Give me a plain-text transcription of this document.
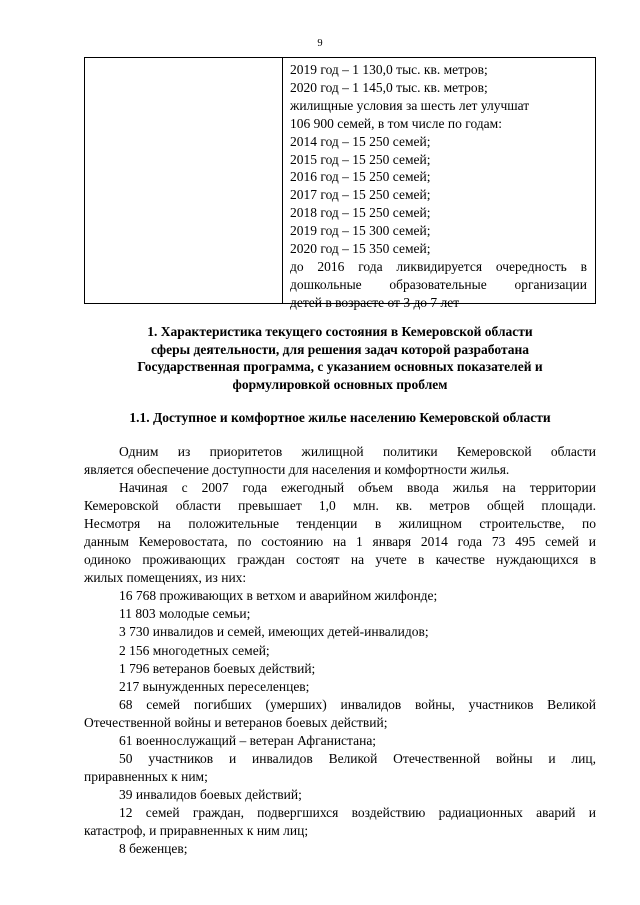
9
2019 год – 1 130,0 тыс. кв. метров;
2020 год – 1 145,0 тыс. кв. метров;
жилищные условия за шесть лет улучшат
106 900 семей, в том числе по годам:
2014 год – 15 250 семей;
2015 год – 15 250 семей;
2016 год – 15 250 семей;
2017 год – 15 250 семей;
2018 год – 15 250 семей;
2019 год – 15 300 семей;
2020 год – 15 350 семей;
до 2016 года ликвидируется очередность в
дошкольные образовательные организации
детей в возрасте от 3 до 7 лет
1. Характеристика текущего состояния в Кемеровской области
сферы деятельности, для решения задач которой разработана
Государственная программа, с указанием основных показателей и
формулировкой основных проблем
1.1. Доступное и комфортное жилье населению Кемеровской области
Одним из приоритетов жилищной политики Кемеровской области
является обеспечение доступности для населения и комфортности жилья.
Начиная с 2007 года ежегодный объем ввода жилья на территории
Кемеровской области превышает 1,0 млн. кв. метров общей площади.
Несмотря на положительные тенденции в жилищном строительстве, по
данным Кемеровостата, по состоянию на 1 января 2014 года 73 495 семей и
одиноко проживающих граждан состоят на учете в качестве нуждающихся в
жилых помещениях, из них:
16 768 проживающих в ветхом и аварийном жилфонде;
11 803 молодые семьи;
3 730 инвалидов и семей, имеющих детей-инвалидов;
2 156 многодетных семей;
1 796 ветеранов боевых действий;
217 вынужденных переселенцев;
68 семей погибших (умерших) инвалидов войны, участников Великой
Отечественной войны и ветеранов боевых действий;
61 военнослужащий – ветеран Афганистана;
50 участников и инвалидов Великой Отечественной войны и лиц,
приравненных к ним;
39 инвалидов боевых действий;
12 семей граждан, подвергшихся воздействию радиационных аварий и
катастроф, и приравненных к ним лиц;
8 беженцев;
